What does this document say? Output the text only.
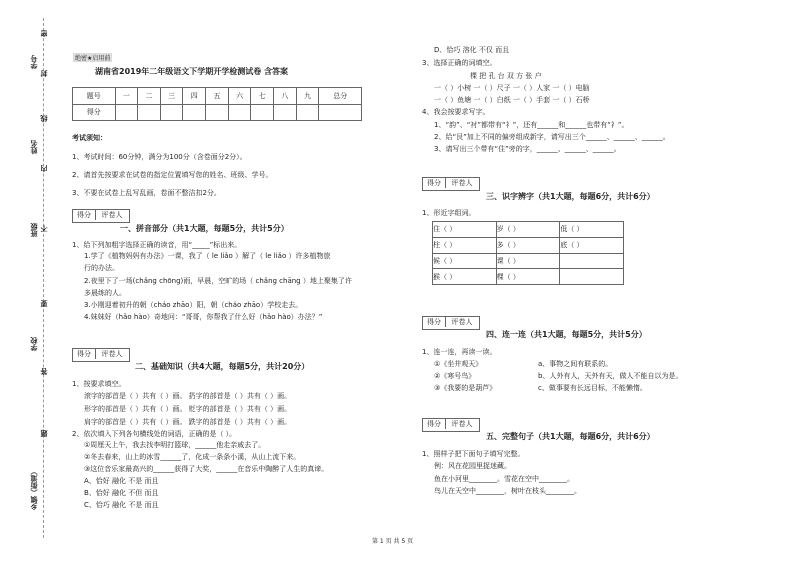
学号
姓名
班级
学校
乡镇（街道）
密
封
线
内
不
要
答
题
绝密★启用前
湖南省2019年二年级语文下学期开学检测试卷 含答案
题号	一	二	三	四	五	六	七	八	九	总分
得分										
考试须知：
1、考试时间：60分钟，满分为100分（含卷面分2分）。
2、请首先按要求在试卷的指定位置填写您的姓名、班级、学号。
3、不要在试卷上乱写乱画，卷面不整洁扣2分。
得分 评卷人
一、拼音部分（共1大题，每题5分，共计5分）
1、给下列加粗字选择正确的读音，用“_____”标出来。
1.学了《植物妈妈有办法》一课，我了（ le liǎo ）解了（ le liǎo ）许多植物旅
行的办法。
2.夜里下了一场(chǎng chōng)雨，早晨，空旷的场（ chǎng chāng ）地上聚集了许
多晨练的人。
3.小刚迎着初升的朝（cháo zhāo）阳，朝（cháo zhāo）学校走去。
4.妹妹好（hǎo hào）奇地问：“哥哥，你帮我了什么好（hǎo hào）办法？”
得分 评卷人
二、基础知识（共4大题，每题5分，共计20分）
1、按要求填空。
滚字的部首是（ ）共有（ ）画。 扔字的部首是（ ）共有（ ）画。
形字的部首是（ ）共有（ ）画。 贬字的部首是（ ）共有（ ）画。
肩字的部首是（ ）共有（ ）画。 跌字的部首是（ ）共有（ ）画。
2、依次填入下列各句横线处的词语，正确的是（ ）。
①周厘天上午，我去找李明打篮球，______他走亲戚去了。
②冬去春来，山上的冰雪______了，化成一条条小溪，从山上流下来。
③这位音乐家最高兴的______获得了大奖，______在音乐中陶醉了人生的真谛。
A、恰好 融化 不是 而且
B、恰好 融化 不但 而且
C、恰巧 融化 不是 而且
D、恰巧 溶化 不仅 而且
3、选择正确的词填空。
棵 把 孔 台 双 方 张 户
一（ ）小树 一（ ）尺子 一（ ）人家 一（ ）电脑
一（ ）鱼塘 一（ ）白纸 一（ ）手套 一（ ）石桥
4、我会按要求写字。
1、“韵”、“衬”都带有“礻”，还有______和______也带有“礻”。
2、给“艮”加上不同的偏旁组成新字，请写出三个______、______、______。
3、请写出三个带有“住”旁的字，______、______、______。
得分 评卷人
三、识字辨字（共1大题，每题6分，共计6分）
1、形近字组词。
住（ ）	岁（ ）	低（ ）
柱（ ）	多（ ）	底（ ）
候（ ）	课（ ）	
猴（ ）	棵（ ）	
得分 评卷人
四、连一连（共1大题，每题5分，共计5分）
1、连一连，再读一读。
①《坐井观天》
②《寒号鸟》
③《我要的是葫芦》
a、事物之间有联系的。
b、人外有人，天外有天，做人不能自以为是。
c、做事要有长远目标，不能懒惰。
得分 评卷人
五、完整句子（共1大题，每题6分，共计6分）
1、照样子把下面句子填写完整。
例：风在花园里捉迷藏。
鱼在小河里________。雪花在空中________。
鸟儿在天空中________，树叶在枝头________。
第 1 页 共 5 页
